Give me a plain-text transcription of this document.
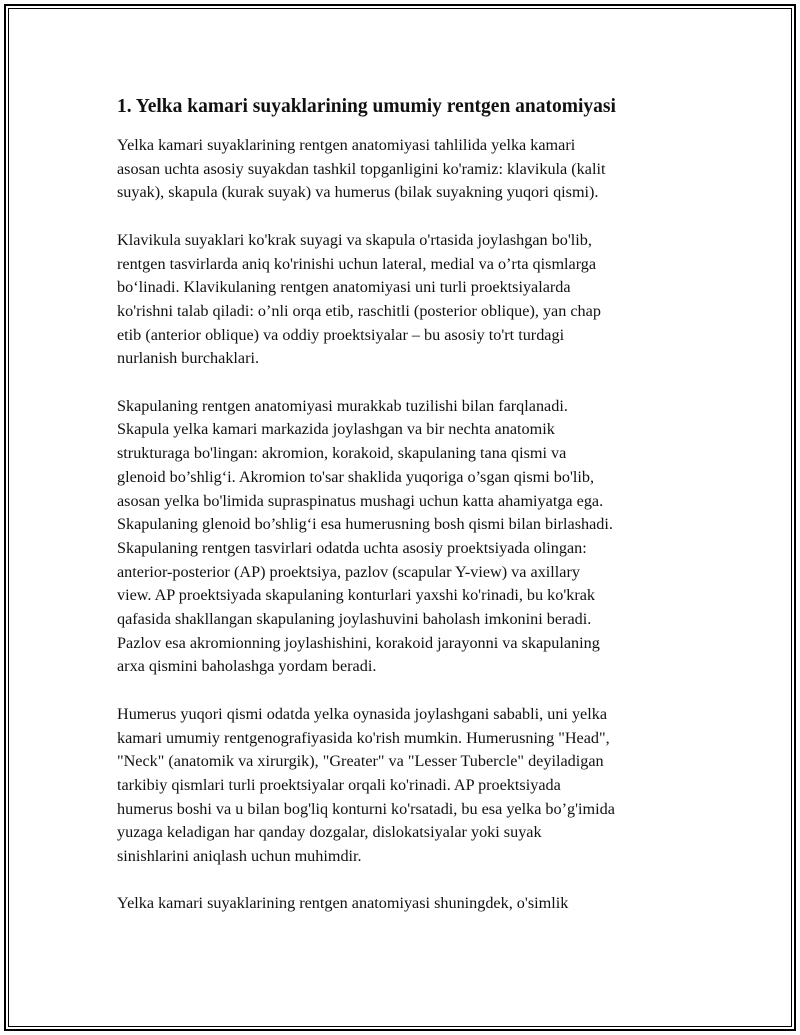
1. Yelka kamari suyaklarining umumiy rentgen anatomiyasi

Yelka kamari suyaklarining rentgen anatomiyasi tahlilida yelka kamari
asosan uchta asosiy suyakdan tashkil topganligini ko'ramiz: klavikula (kalit
suyak), skapula (kurak suyak) va humerus (bilak suyakning yuqori qismi).

Klavikula suyaklari ko'krak suyagi va skapula o'rtasida joylashgan bo'lib,
rentgen tasvirlarda aniq ko'rinishi uchun lateral, medial va o’rta qismlarga
bo‘linadi. Klavikulaning rentgen anatomiyasi uni turli proektsiyalarda
ko'rishni talab qiladi: o’nli orqa etib, raschitli (posterior oblique), yan chap
etib (anterior oblique) va oddiy proektsiyalar – bu asosiy to'rt turdagi
nurlanish burchaklari.

Skapulaning rentgen anatomiyasi murakkab tuzilishi bilan farqlanadi.
Skapula yelka kamari markazida joylashgan va bir nechta anatomik
strukturaga bo'lingan: akromion, korakoid, skapulaning tana qismi va
glenoid bo’shlig‘i. Akromion to'sar shaklida yuqoriga o’sgan qismi bo'lib,
asosan yelka bo'limida supraspinatus mushagi uchun katta ahamiyatga ega.
Skapulaning glenoid bo’shlig‘i esa humerusning bosh qismi bilan birlashadi.
Skapulaning rentgen tasvirlari odatda uchta asosiy proektsiyada olingan:
anterior-posterior (AP) proektsiya, pazlov (scapular Y-view) va axillary
view. AP proektsiyada skapulaning konturlari yaxshi ko'rinadi, bu ko'krak
qafasida shakllangan skapulaning joylashuvini baholash imkonini beradi.
Pazlov esa akromionning joylashishini, korakoid jarayonni va skapulaning
arxa qismini baholashga yordam beradi.

Humerus yuqori qismi odatda yelka oynasida joylashgani sababli, uni yelka
kamari umumiy rentgenografiyasida ko'rish mumkin. Humerusning "Head",
"Neck" (anatomik va xirurgik), "Greater" va "Lesser Tubercle" deyiladigan
tarkibiy qismlari turli proektsiyalar orqali ko'rinadi. AP proektsiyada
humerus boshi va u bilan bog'liq konturni ko'rsatadi, bu esa yelka bo’g'imida
yuzaga keladigan har qanday dozgalar, dislokatsiyalar yoki suyak
sinishlarini aniqlash uchun muhimdir.

Yelka kamari suyaklarining rentgen anatomiyasi shuningdek, o'simlik
